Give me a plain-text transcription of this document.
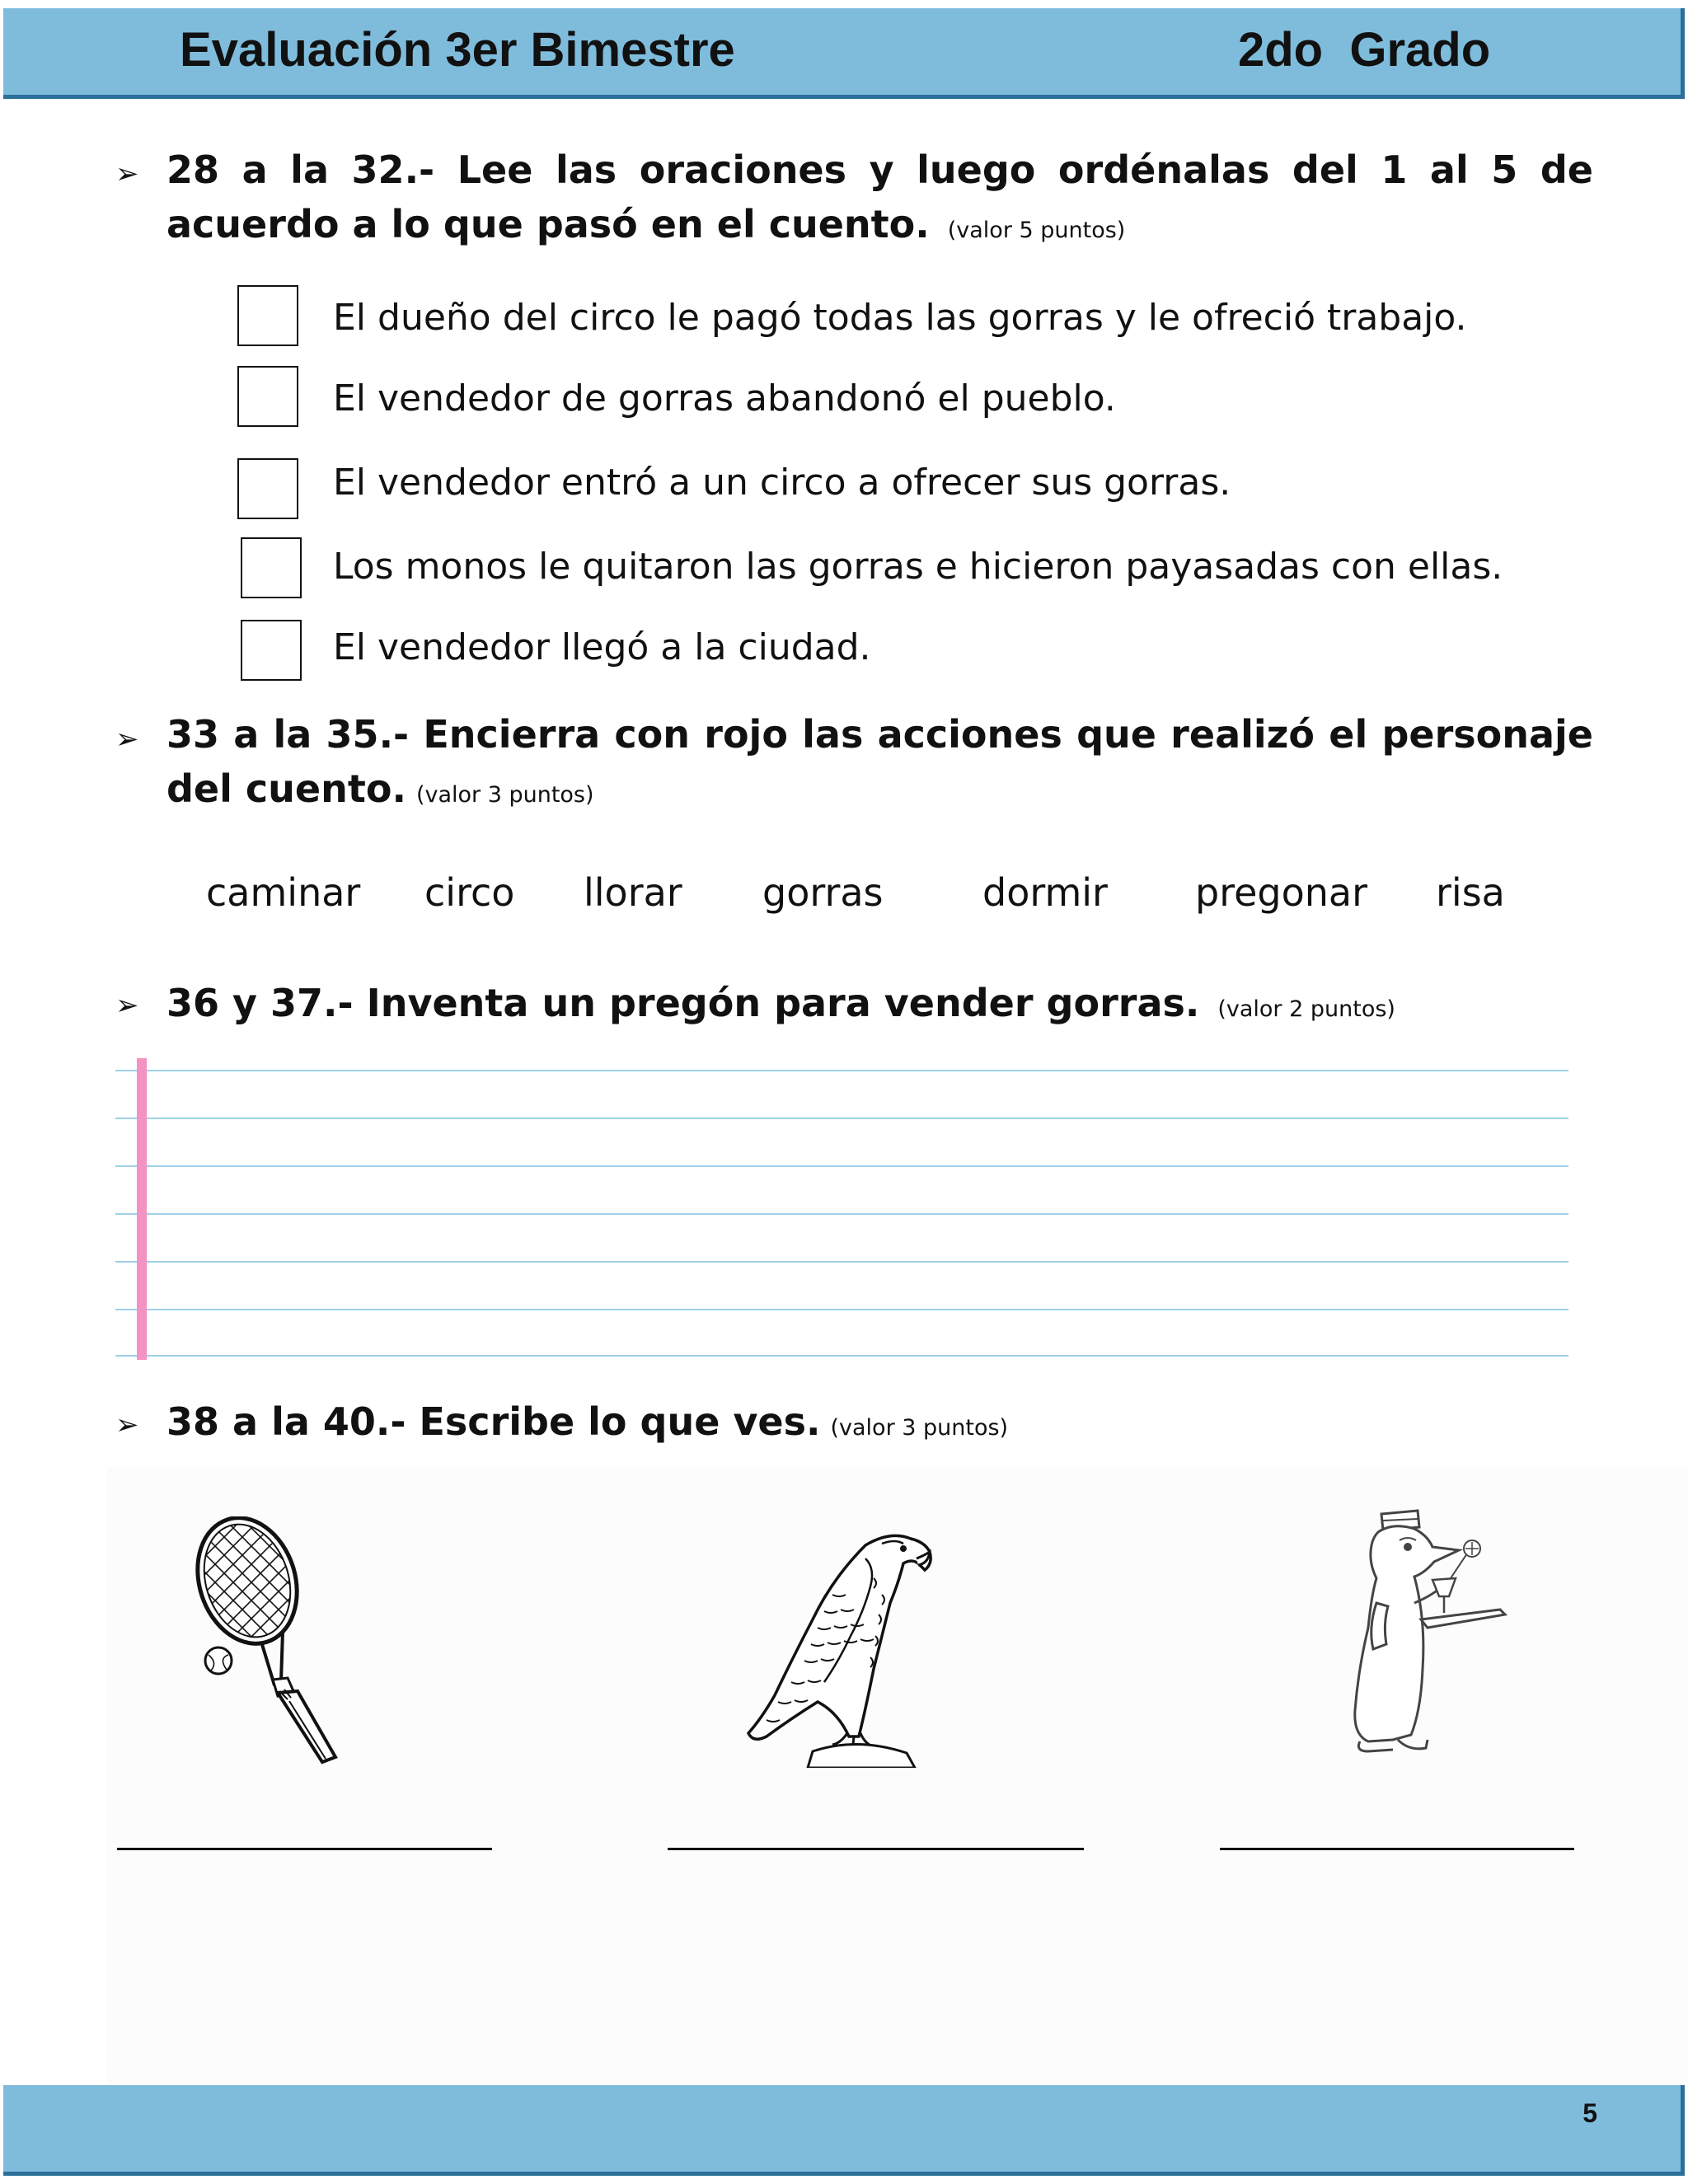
Evaluación 3er Bimestre	2do  Grado
➢ 28 a la 32.- Lee las oraciones y luego ordénalas del 1 al 5 de acuerdo a lo que pasó en el cuento. (valor 5 puntos)
El dueño del circo le pagó todas las gorras y le ofreció trabajo.
El vendedor de gorras abandonó el pueblo.
El vendedor entró a un circo a ofrecer sus gorras.
Los monos le quitaron las gorras e hicieron payasadas con ellas.
El vendedor llegó a la ciudad.
➢ 33 a la 35.- Encierra con rojo las acciones que realizó el personaje del cuento. (valor 3 puntos)
caminar circo llorar gorras	dormir pregonar risa
➢ 36 y 37.- Inventa un pregón para vender gorras. (valor 2 puntos)
➢ 38 a la 40.- Escribe lo que ves. (valor 3 puntos)
5
